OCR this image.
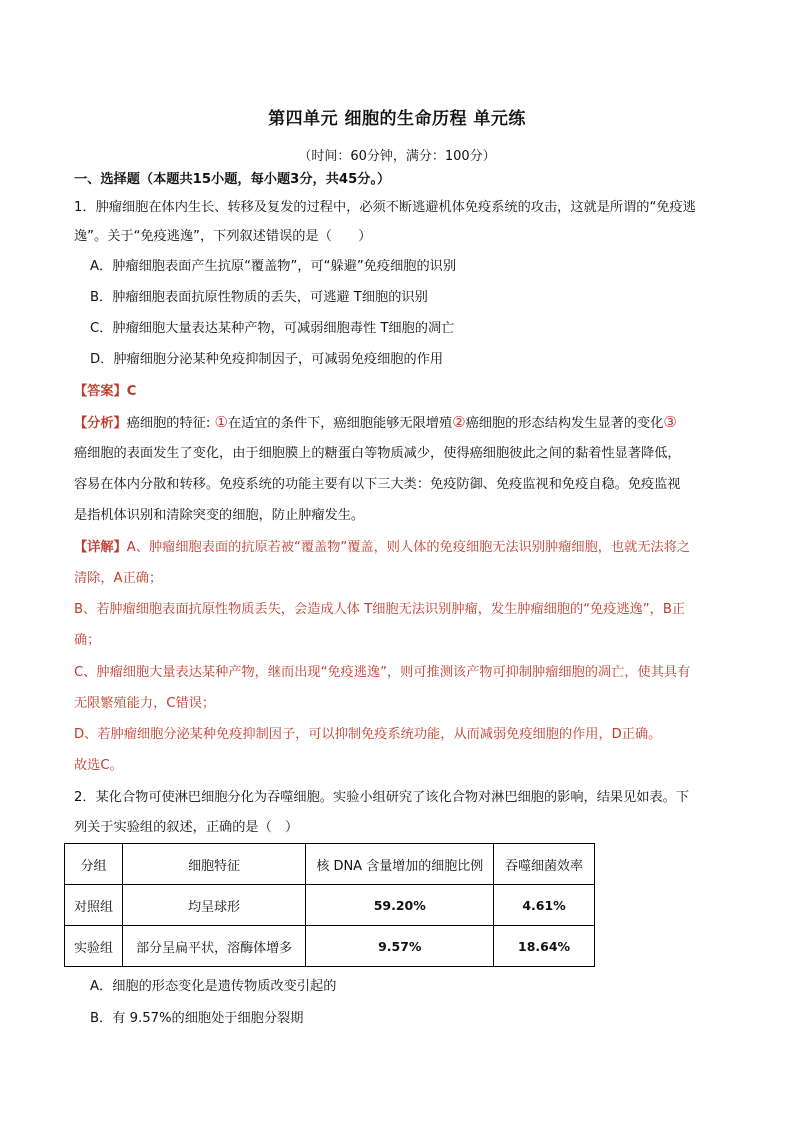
第四单元 细胞的生命历程 单元练
（时间：60分钟，满分：100分）
一、选择题（本题共15小题，每小题3分，共45分。）
1．肿瘤细胞在体内生长、转移及复发的过程中，必须不断逃避机体免疫系统的攻击，这就是所谓的“免疫逃
逸”。关于“免疫逃逸”，下列叙述错误的是（　　）
A．肿瘤细胞表面产生抗原“覆盖物”，可“躲避”免疫细胞的识别
B．肿瘤细胞表面抗原性物质的丢失，可逃避 T细胞的识别
C．肿瘤细胞大量表达某种产物，可减弱细胞毒性 T细胞的凋亡
D．肿瘤细胞分泌某种免疫抑制因子，可减弱免疫细胞的作用
【答案】C
【分析】癌细胞的特征: ①在适宜的条件下，癌细胞能够无限增殖②癌细胞的形态结构发生显著的变化③
癌细胞的表面发生了变化，由于细胞膜上的糖蛋白等物质减少，使得癌细胞彼此之间的黏着性显著降低，
容易在体内分散和转移。免疫系统的功能主要有以下三大类：免疫防御、免疫监视和免疫自稳。免疫监视
是指机体识别和清除突变的细胞，防止肿瘤发生。
【详解】A、肿瘤细胞表面的抗原若被“覆盖物”覆盖，则人体的免疫细胞无法识别肿瘤细胞，也就无法将之
清除，A正确；
B、若肿瘤细胞表面抗原性物质丢失，会造成人体 T细胞无法识别肿瘤，发生肿瘤细胞的“免疫逃逸”，B正
确；
C、肿瘤细胞大量表达某种产物，继而出现“免疫逃逸”，则可推测该产物可抑制肿瘤细胞的凋亡，使其具有
无限繁殖能力，C错误；
D、若肿瘤细胞分泌某种免疫抑制因子，可以抑制免疫系统功能，从而减弱免疫细胞的作用，D正确。
故选C。
2．某化合物可使淋巴细胞分化为吞噬细胞。实验小组研究了该化合物对淋巴细胞的影响，结果见如表。下
列关于实验组的叙述，正确的是（　）
分组	细胞特征	核 DNA 含量增加的细胞比例	吞噬细菌效率
对照组	均呈球形	59.20%	4.61%
实验组	部分呈扁平状，溶酶体增多	9.57%	18.64%
A．细胞的形态变化是遗传物质改变引起的
B．有 9.57%的细胞处于细胞分裂期
